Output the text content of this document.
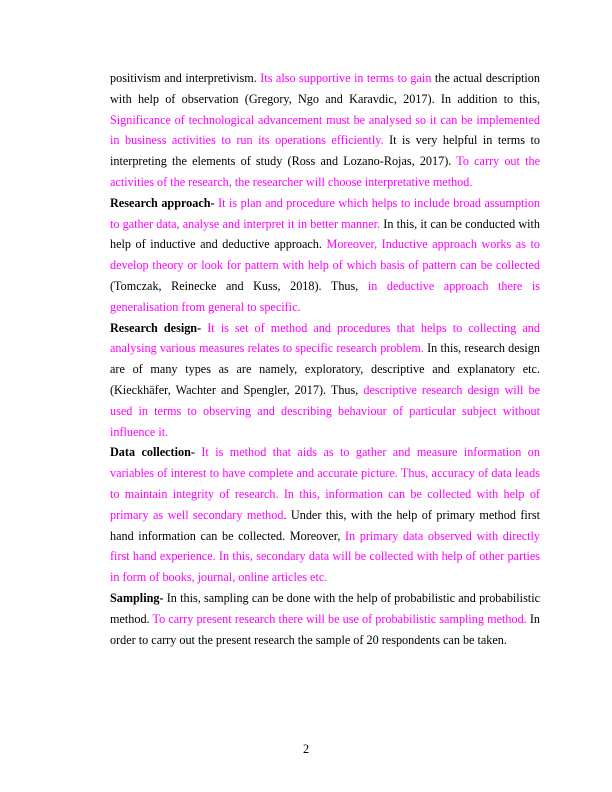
positivism and interpretivism. Its also supportive in terms to gain the actual description with help of observation (Gregory, Ngo and Karavdic, 2017). In addition to this, Significance of technological advancement must be analysed so it can be implemented in business activities to run its operations efficiently. It is very helpful in terms to interpreting the elements of study (Ross and Lozano-Rojas, 2017). To carry out the activities of the research, the researcher will choose interpretative method.

Research approach- It is plan and procedure which helps to include broad assumption to gather data, analyse and interpret it in better manner. In this, it can be conducted with help of inductive and deductive approach. Moreover, Inductive approach works as to develop theory or look for pattern with help of which basis of pattern can be collected (Tomczak, Reinecke and Kuss, 2018). Thus, in deductive approach there is generalisation from general to specific.

Research design- It is set of method and procedures that helps to collecting and analysing various measures relates to specific research problem. In this, research design are of many types as are namely, exploratory, descriptive and explanatory etc. (Kieckhäfer, Wachter and Spengler, 2017). Thus, descriptive research design will be used in terms to observing and describing behaviour of particular subject without influence it.

Data collection- It is method that aids as to gather and measure information on variables of interest to have complete and accurate picture. Thus, accuracy of data leads to maintain integrity of research. In this, information can be collected with help of primary as well secondary method. Under this, with the help of primary method first hand information can be collected. Moreover, In primary data observed with directly first hand experience. In this, secondary data will be collected with help of other parties in form of books, journal, online articles etc.

Sampling- In this, sampling can be done with the help of probabilistic and probabilistic method. To carry present research there will be use of probabilistic sampling method. In order to carry out the present research the sample of 20 respondents can be taken.

2
